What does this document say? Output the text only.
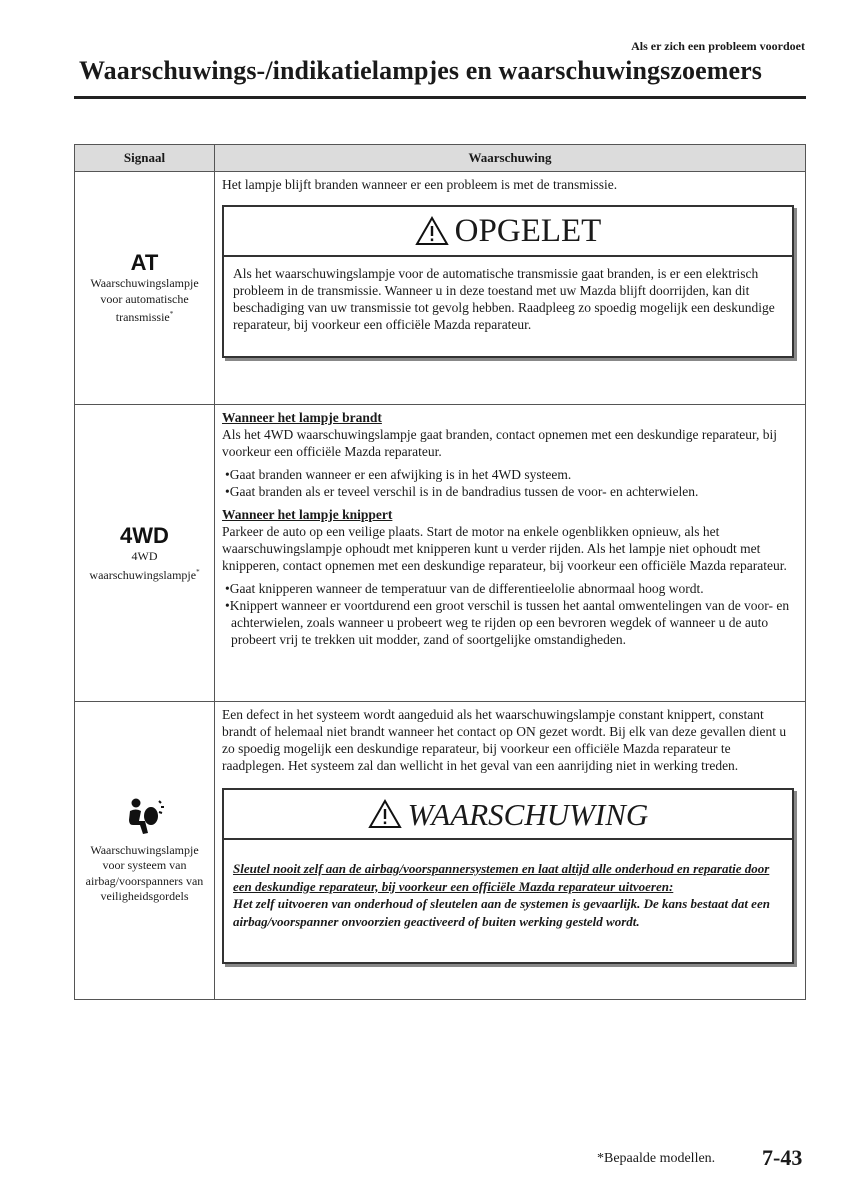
Als er zich een probleem voordoet
Waarschuwings-/indikatielampjes en waarschuwingszoemers
Signaal	Waarschuwing
AT
Waarschuwingslampje voor automatische transmissie*
Het lampje blijft branden wanneer er een probleem is met de transmissie.
OPGELET
Als het waarschuwingslampje voor de automatische transmissie gaat branden, is er een elektrisch probleem in de transmissie. Wanneer u in deze toestand met uw Mazda blijft doorrijden, kan dit beschadiging van uw transmissie tot gevolg hebben. Raadpleeg zo spoedig mogelijk een deskundige reparateur, bij voorkeur een officiële Mazda reparateur.
4WD
4WD waarschuwingslampje*
Wanneer het lampje brandt
Als het 4WD waarschuwingslampje gaat branden, contact opnemen met een deskundige reparateur, bij voorkeur een officiële Mazda reparateur.
•Gaat branden wanneer er een afwijking is in het 4WD systeem.
•Gaat branden als er teveel verschil is in de bandradius tussen de voor- en achterwielen.
Wanneer het lampje knippert
Parkeer de auto op een veilige plaats. Start de motor na enkele ogenblikken opnieuw, als het waarschuwingslampje ophoudt met knipperen kunt u verder rijden. Als het lampje niet ophoudt met knipperen, contact opnemen met een deskundige reparateur, bij voorkeur een officiële Mazda reparateur.
•Gaat knipperen wanneer de temperatuur van de differentieelolie abnormaal hoog wordt.
•Knippert wanneer er voortdurend een groot verschil is tussen het aantal omwentelingen van de voor- en achterwielen, zoals wanneer u probeert weg te rijden op een bevroren wegdek of wanneer u de auto probeert vrij te trekken uit modder, zand of soortgelijke omstandigheden.
Waarschuwingslampje voor systeem van airbag/voorspanners van veiligheidsgordels
Een defect in het systeem wordt aangeduid als het waarschuwingslampje constant knippert, constant brandt of helemaal niet brandt wanneer het contact op ON gezet wordt. Bij elk van deze gevallen dient u zo spoedig mogelijk een deskundige reparateur, bij voorkeur een officiële Mazda reparateur te raadplegen. Het systeem zal dan wellicht in het geval van een aanrijding niet in werking treden.
WAARSCHUWING
Sleutel nooit zelf aan de airbag/voorspannersystemen en laat altijd alle onderhoud en reparatie door een deskundige reparateur, bij voorkeur een officiële Mazda reparateur uitvoeren:
Het zelf uitvoeren van onderhoud of sleutelen aan de systemen is gevaarlijk. De kans bestaat dat een airbag/voorspanner onvoorzien geactiveerd of buiten werking gesteld wordt.
*Bepaalde modellen. 7-43
